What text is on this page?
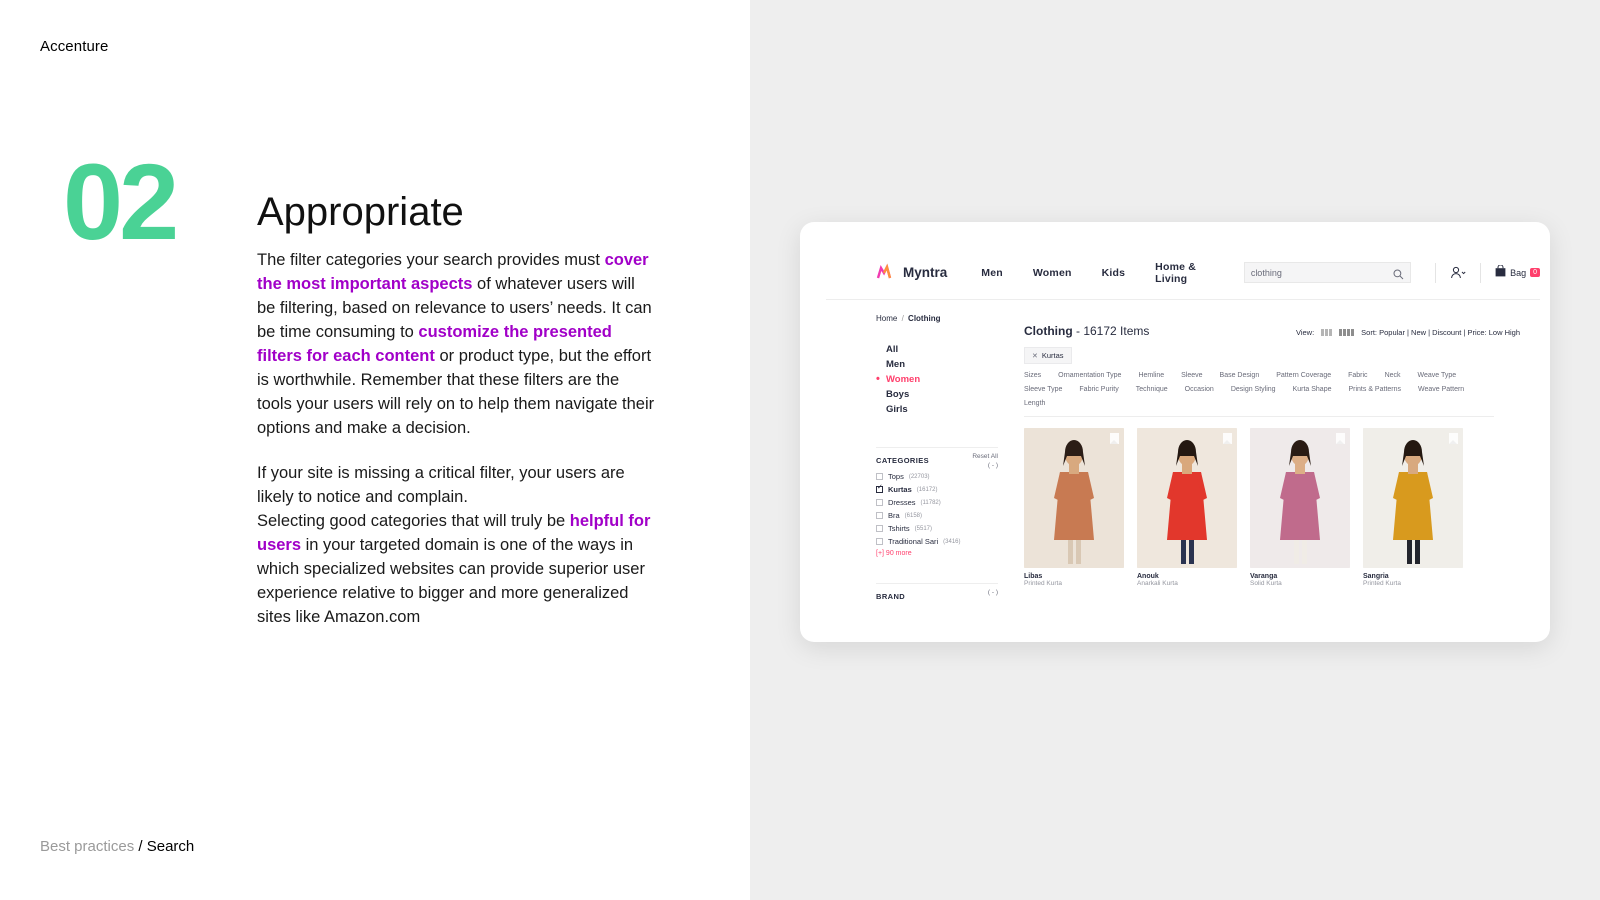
Accenture
02 Appropriate

The filter categories your search provides must cover the most important aspects of whatever users will be filtering, based on relevance to users’ needs. It can be time consuming to customize the presented filters for each content or product type, but the effort is worthwhile. Remember that these filters are the tools your users will rely on to help them navigate their options and make a decision.

If your site is missing a critical filter, your users are likely to notice and complain.
Selecting good categories that will truly be helpful for users in your targeted domain is one of the ways in which specialized websites can provide superior user experience relative to bigger and more generalized sites like Amazon.com

Best practices / Search
Myntra	Men	Women	Kids	Home & Living	clothing	Bag	0
Home / Clothing
All
Men
• Women
Boys
Girls
CATEGORIES	Reset All
( - )
Tops (22703)
✓
Kurtas (16172)
Dresses (11782)
Bra (6158)
Tshirts (5517)
Traditional Sari (3416)
[+] 90 more
BRAND	( - )
Clothing - 16172 Items	View:	Sort: Popular | New | Discount | Price: Low High
✕ Kurtas
Sizes Ornamentation Type Hemline Sleeve Base Design Pattern Coverage Fabric Neck Weave Type
Sleeve Type Fabric Purity Technique Occasion Design Styling Kurta Shape Prints & Patterns Weave Pattern
Length
Libas
Printed Kurta
Anouk
Anarkali Kurta
Varanga
Solid Kurta
Sangria
Printed Kurta
